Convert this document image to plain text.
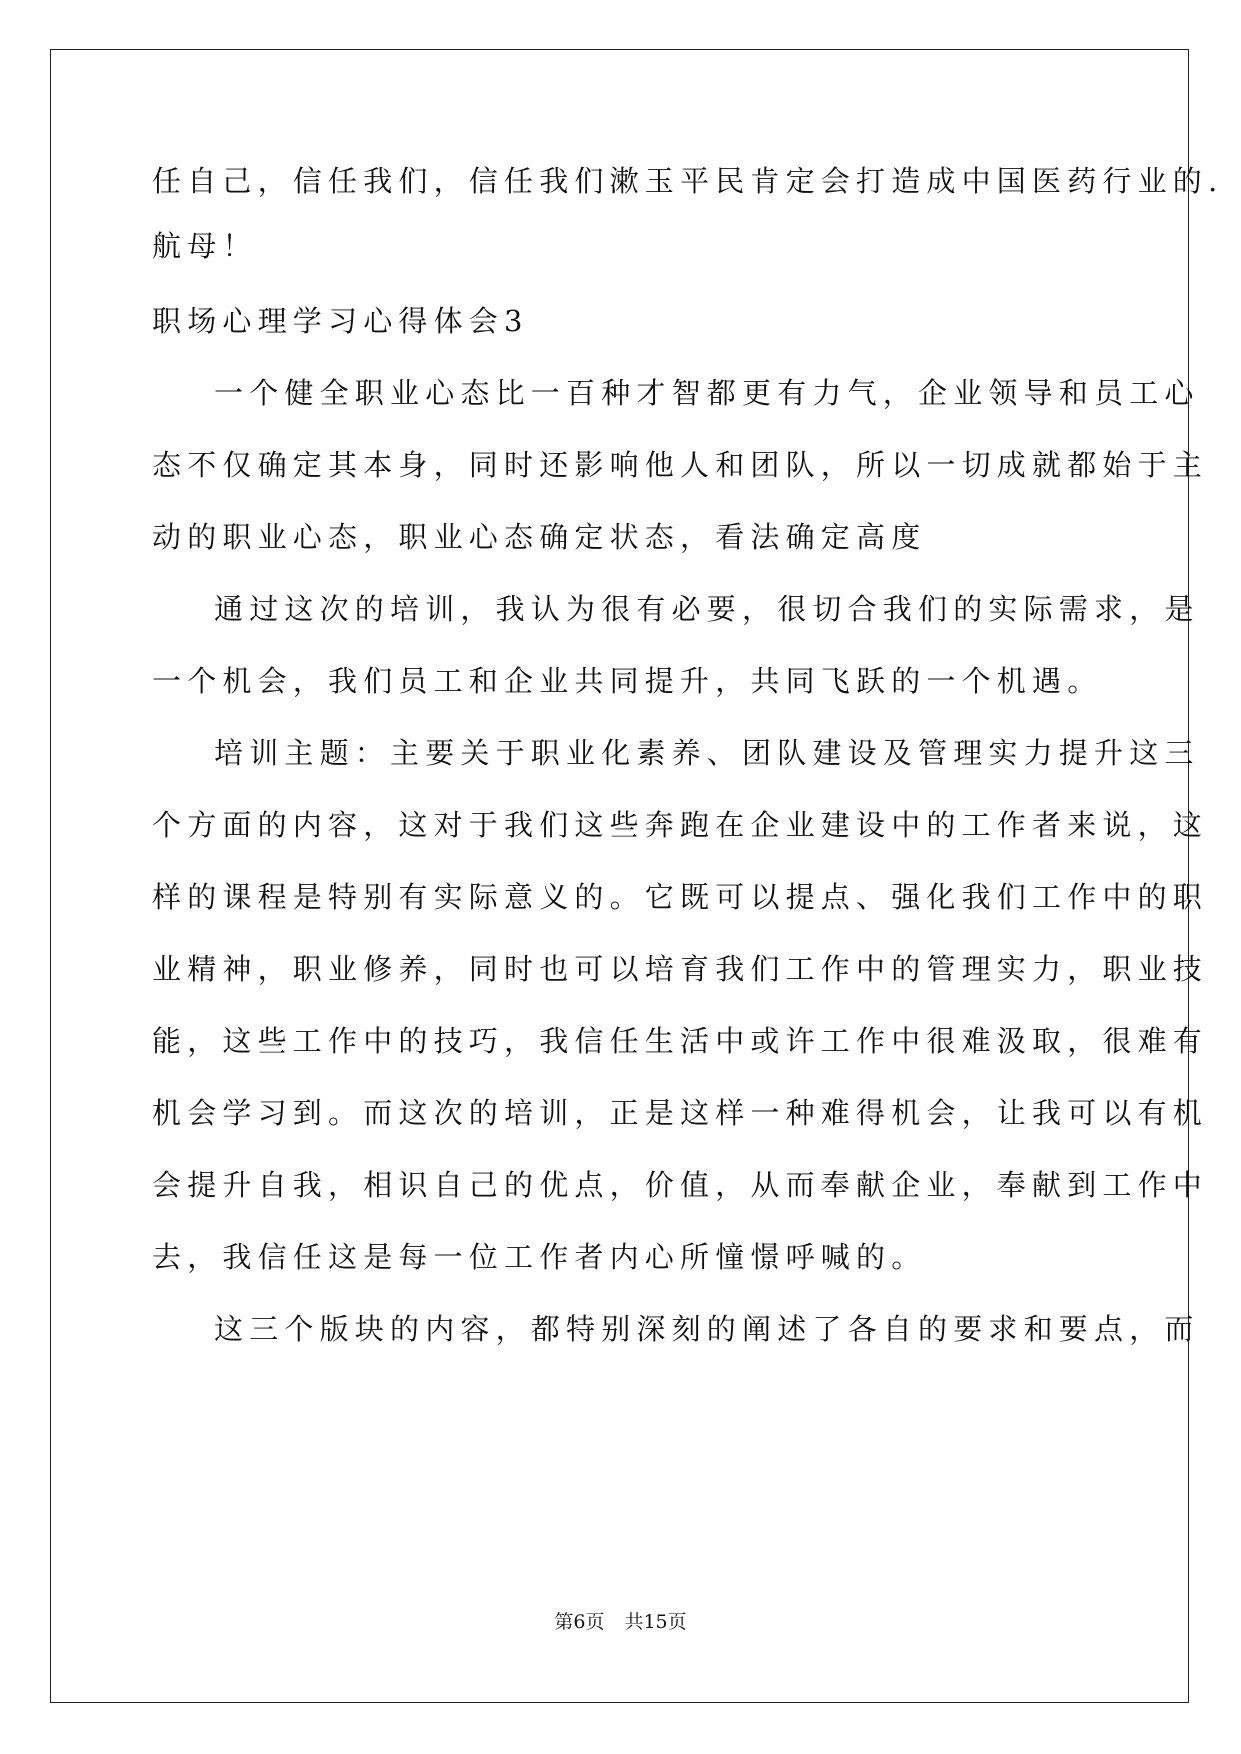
任自己，信任我们，信任我们漱玉平民肯定会打造成中国医药行业的.
航母！
职场心理学习心得体会3
一个健全职业心态比一百种才智都更有力气，企业领导和员工心
态不仅确定其本身，同时还影响他人和团队，所以一切成就都始于主
动的职业心态，职业心态确定状态，看法确定高度
通过这次的培训，我认为很有必要，很切合我们的实际需求，是
一个机会，我们员工和企业共同提升，共同飞跃的一个机遇。
培训主题：主要关于职业化素养、团队建设及管理实力提升这三
个方面的内容，这对于我们这些奔跑在企业建设中的工作者来说，这
样的课程是特别有实际意义的。它既可以提点、强化我们工作中的职
业精神，职业修养，同时也可以培育我们工作中的管理实力，职业技
能，这些工作中的技巧，我信任生活中或许工作中很难汲取，很难有
机会学习到。而这次的培训，正是这样一种难得机会，让我可以有机
会提升自我，相识自己的优点，价值，从而奉献企业，奉献到工作中
去，我信任这是每一位工作者内心所憧憬呼喊的。
这三个版块的内容，都特别深刻的阐述了各自的要求和要点，而
第6页 共15页
